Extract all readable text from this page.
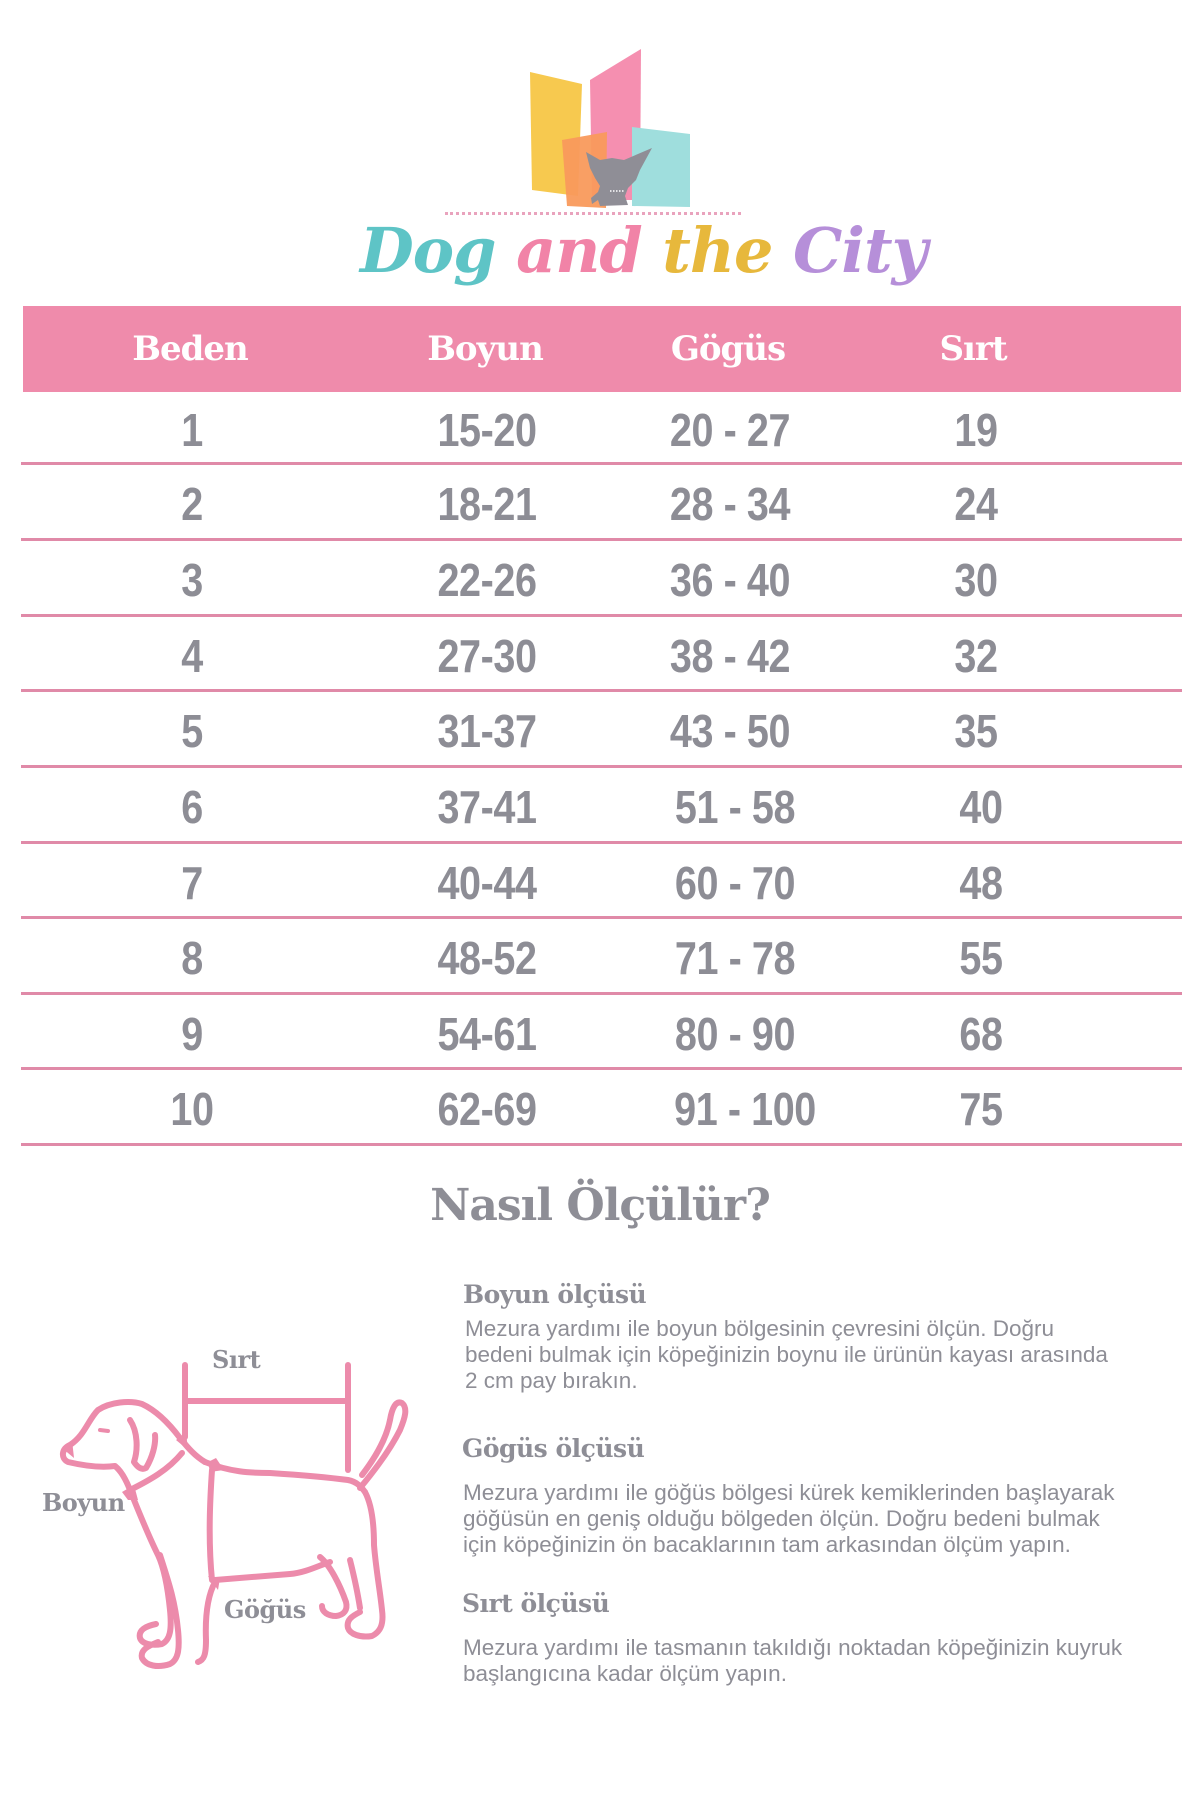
Dog and the City
Beden	Boyun	Gögüs	Sırt
1	15-20	20 - 27	19
2	18-21	28 - 34	24
3	22-26	36 - 40	30
4	27-30	38 - 42	32
5	31-37	43 - 50	35
6	37-41	51 - 58	40
7	40-44	60 - 70	48
8	48-52	71 - 78	55
9	54-61	80 - 90	68
10	62-69	91 - 100	75
Nasıl Ölçülür?
Boyun ölçüsü
Mezura yardımı ile boyun bölgesinin çevresini ölçün. Doğru
bedeni bulmak için köpeğinizin boynu ile ürünün kayası arasında
2 cm pay bırakın.
Gögüs ölçüsü
Mezura yardımı ile göğüs bölgesi kürek kemiklerinden başlayarak
göğüsün en geniş olduğu bölgeden ölçün. Doğru bedeni bulmak
için köpeğinizin ön bacaklarının tam arkasından ölçüm yapın.
Sırt ölçüsü
Mezura yardımı ile tasmanın takıldığı noktadan köpeğinizin kuyruk
başlangıcına kadar ölçüm yapın.
Sırt
Boyun
Göğüs
